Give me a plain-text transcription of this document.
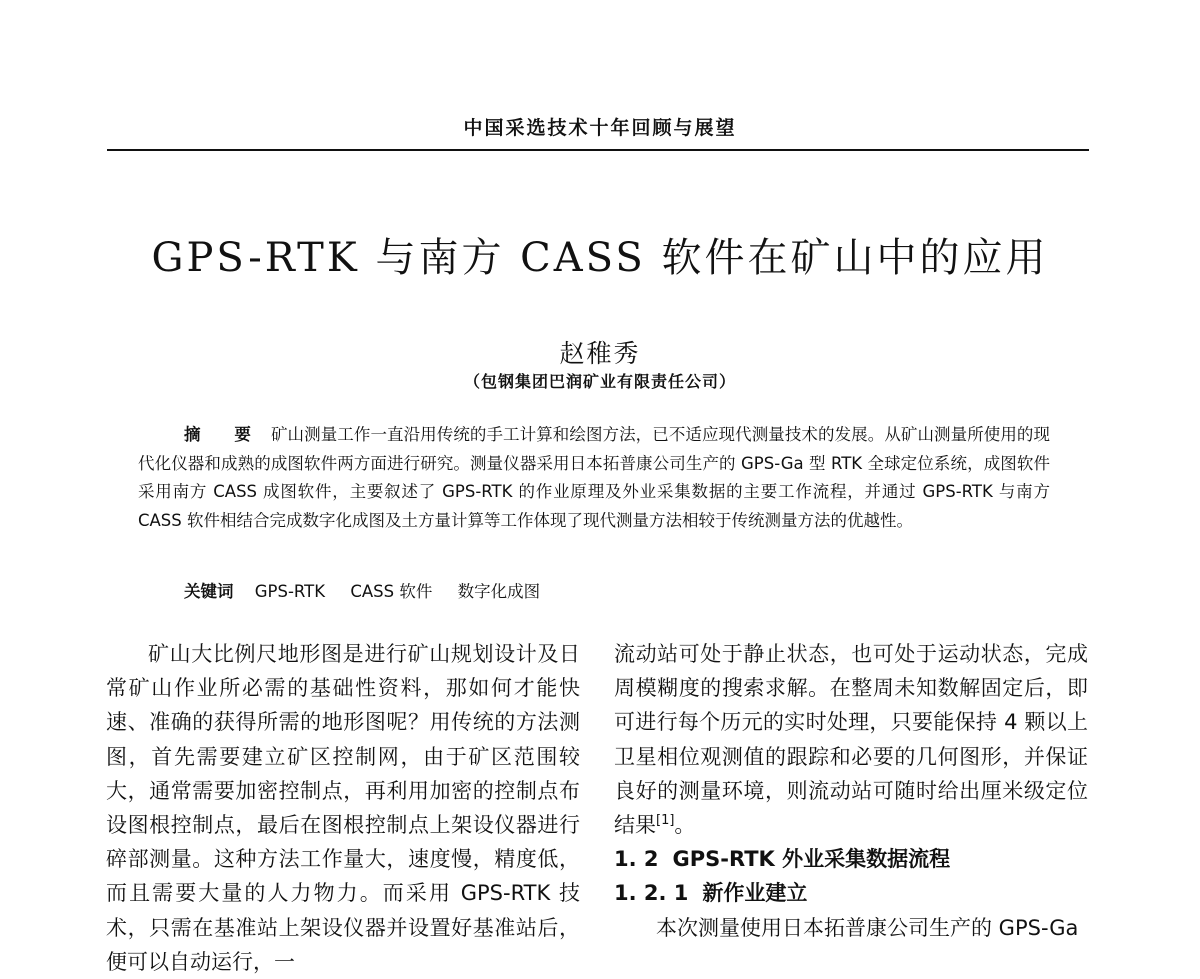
中国采选技术十年回顾与展望
GPS-RTK 与南方 CASS 软件在矿山中的应用
赵稚秀
（包钢集团巴润矿业有限责任公司）
摘 要 矿山测量工作一直沿用传统的手工计算和绘图方法，已不适应现代测量技术的发展。从矿山测量所使用的现代化仪器和成熟的成图软件两方面进行研究。测量仪器采用日本拓普康公司生产的 GPS-Ga 型 RTK 全球定位系统，成图软件采用南方 CASS 成图软件，主要叙述了 GPS-RTK 的作业原理及外业采集数据的主要工作流程，并通过 GPS-RTK 与南方 CASS 软件相结合完成数字化成图及土方量计算等工作体现了现代测量方法相较于传统测量方法的优越性。
关键词 GPS-RTK CASS 软件 数字化成图

矿山大比例尺地形图是进行矿山规划设计及日常矿山作业所必需的基础性资料，那如何才能快速、准确的获得所需的地形图呢？用传统的方法测图，首先需要建立矿区控制网，由于矿区范围较大，通常需要加密控制点，再利用加密的控制点布设图根控制点，最后在图根控制点上架设仪器进行碎部测量。这种方法工作量大，速度慢，精度低，而且需要大量的人力物力。而采用 GPS-RTK 技术，只需在基准站上架设仪器并设置好基准站后，便可以自动运行，一

流动站可处于静止状态，也可处于运动状态，完成周模糊度的搜索求解。在整周未知数解固定后，即可进行每个历元的实时处理，只要能保持 4 颗以上卫星相位观测值的跟踪和必要的几何图形，并保证良好的测量环境，则流动站可随时给出厘米级定位结果[1]。

1. 2 GPS-RTK 外业采集数据流程

1. 2. 1 新作业建立

本次测量使用日本拓普康公司生产的 GPS-Ga
